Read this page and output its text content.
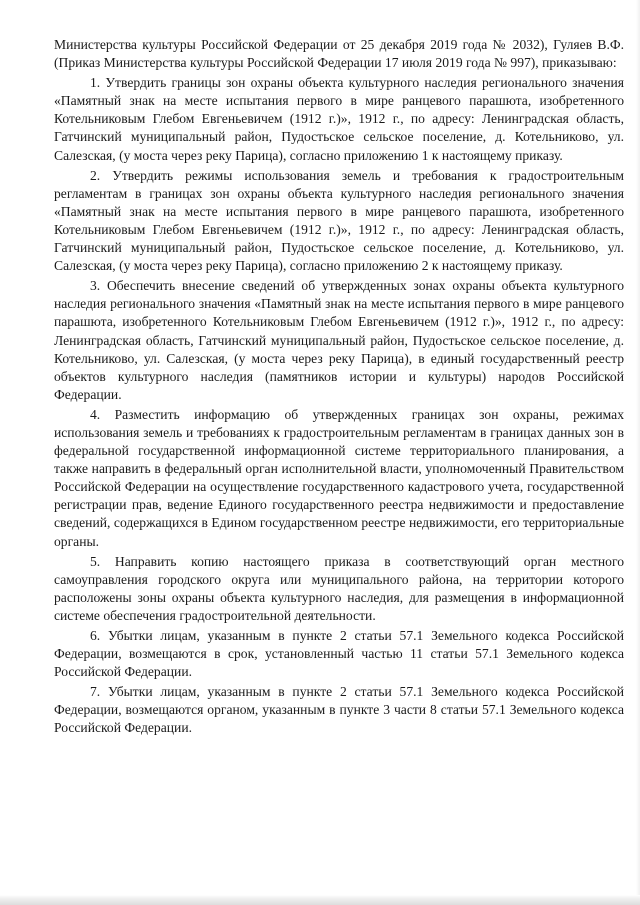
Министерства культуры Российской Федерации от 25 декабря 2019 года № 2032), Гуляев В.Ф. (Приказ Министерства культуры Российской Федерации 17 июля 2019 года № 997), приказываю:

1. Утвердить границы зон охраны объекта культурного наследия регионального значения «Памятный знак на месте испытания первого в мире ранцевого парашюта, изобретенного Котельниковым Глебом Евгеньевичем (1912 г.)», 1912 г., по адресу: Ленинградская область, Гатчинский муниципальный район, Пудостьское сельское поселение, д. Котельниково, ул. Салезская, (у моста через реку Парица), согласно приложению 1 к настоящему приказу.

2. Утвердить режимы использования земель и требования к градостроительным регламентам в границах зон охраны объекта культурного наследия регионального значения «Памятный знак на месте испытания первого в мире ранцевого парашюта, изобретенного Котельниковым Глебом Евгеньевичем (1912 г.)», 1912 г., по адресу: Ленинградская область, Гатчинский муниципальный район, Пудостьское сельское поселение, д. Котельниково, ул. Салезская, (у моста через реку Парица), согласно приложению 2 к настоящему приказу.

3. Обеспечить внесение сведений об утвержденных зонах охраны объекта культурного наследия регионального значения «Памятный знак на месте испытания первого в мире ранцевого парашюта, изобретенного Котельниковым Глебом Евгеньевичем (1912 г.)», 1912 г., по адресу: Ленинградская область, Гатчинский муниципальный район, Пудостьское сельское поселение, д. Котельниково, ул. Салезская, (у моста через реку Парица), в единый государственный реестр объектов культурного наследия (памятников истории и культуры) народов Российской Федерации.

4. Разместить информацию об утвержденных границах зон охраны, режимах использования земель и требованиях к градостроительным регламентам в границах данных зон в федеральной государственной информационной системе территориального планирования, а также направить в федеральный орган исполнительной власти, уполномоченный Правительством Российской Федерации на осуществление государственного кадастрового учета, государственной регистрации прав, ведение Единого государственного реестра недвижимости и предоставление сведений, содержащихся в Едином государственном реестре недвижимости, его территориальные органы.

5. Направить копию настоящего приказа в соответствующий орган местного самоуправления городского округа или муниципального района, на территории которого расположены зоны охраны объекта культурного наследия, для размещения в информационной системе обеспечения градостроительной деятельности.

6. Убытки лицам, указанным в пункте 2 статьи 57.1 Земельного кодекса Российской Федерации, возмещаются в срок, установленный частью 11 статьи 57.1 Земельного кодекса Российской Федерации.

7. Убытки лицам, указанным в пункте 2 статьи 57.1 Земельного кодекса Российской Федерации, возмещаются органом, указанным в пункте 3 части 8 статьи 57.1 Земельного кодекса Российской Федерации.
